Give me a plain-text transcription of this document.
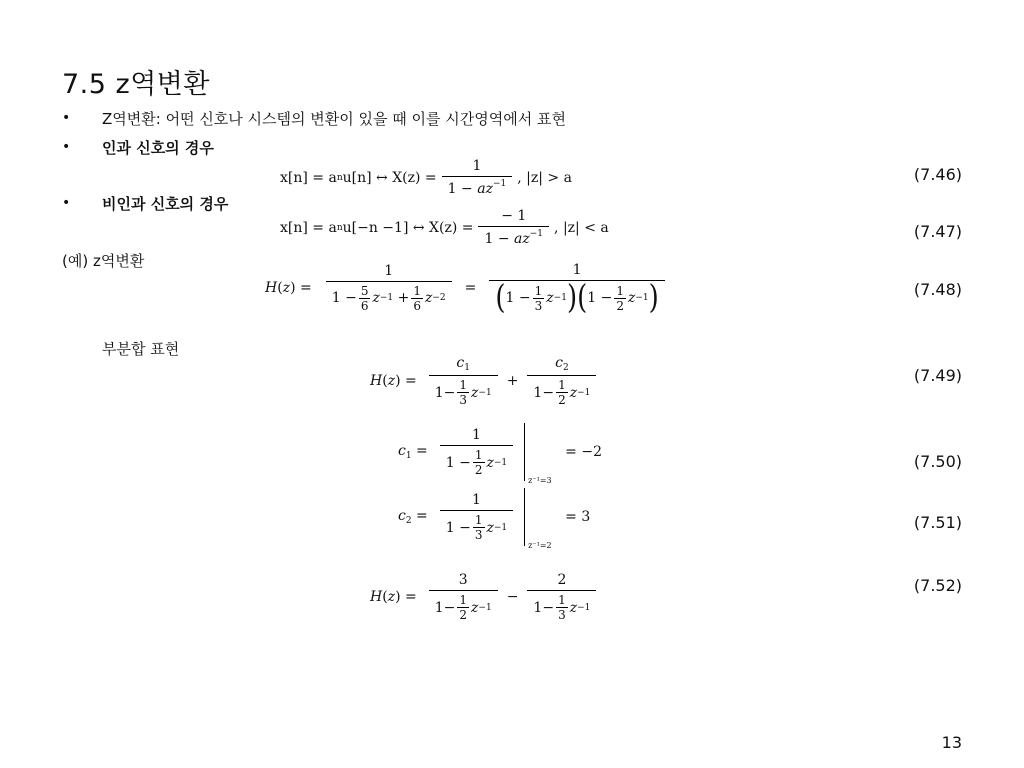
7.5 z역변환
• Z역변환: 어떤 신호나 시스템의 변환이 있을 때 이를 시간영역에서 표현
• 인과 신호의 경우
• 비인과 신호의 경우
(예) z역변환
부분합 표현
(7.46)
(7.47)
(7.48)
(7.49)
(7.50)
(7.51)
(7.52)
x[n] = a n u[n] ↔ $X(z) = \frac{1}{1 - az^{-1}}$ , |z| > a
x[n] = a n u[−n −1] ↔ $X(z) = \frac{- 1}{1 - az^{-1}}$ , |z| < a
$H(z) = \frac{1}{1 - \frac{5}{6} z -1 + \frac{1}{6} z -2} = \frac{1}{( 1 - \frac{1}{3} z -1 ) ( 1 - \frac{1}{2} z -1 )}$
$H(z) = \frac{c_1}{1- \frac{1}{3} z -1} + \frac{c_2}{1- \frac{1}{2} z -1}$
$c_1 = \frac{1}{1 - \frac{1}{2} z -1}$
z⁻¹=3
= −2
$c_2 = \frac{1}{1 - \frac{1}{3} z -1}$
z⁻¹=2
= 3
$H(z) = \frac{3}{1- \frac{1}{2} z -1} - \frac{2}{1- \frac{1}{3} z -1}$
13
